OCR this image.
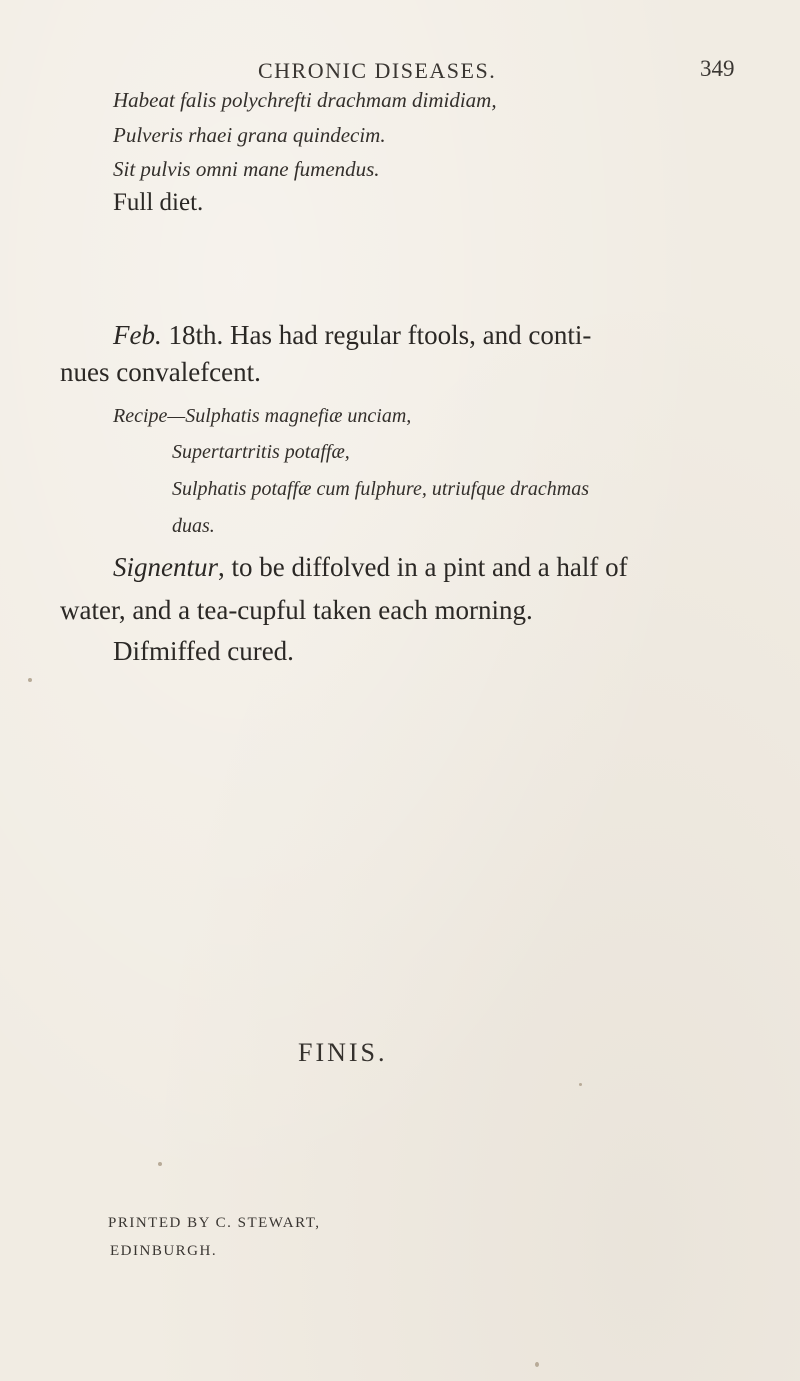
CHRONIC DISEASES.	349
Habeat falis polychrefti drachmam dimidiam,
Pulveris rhaei grana quindecim.
Sit pulvis omni mane fumendus.
Full diet.
Feb. 18th. Has had regular ftools, and conti-
nues convalefcent.
Recipe—Sulphatis magnefiæ unciam,
Supertartritis potaffæ,
Sulphatis potaffæ cum fulphure, utriufque drachmas
duas.
Signentur, to be diffolved in a pint and a half of
water, and a tea-cupful taken each morning.
Difmiffed cured.
FINIS.
PRINTED BY C. STEWART,
EDINBURGH.
